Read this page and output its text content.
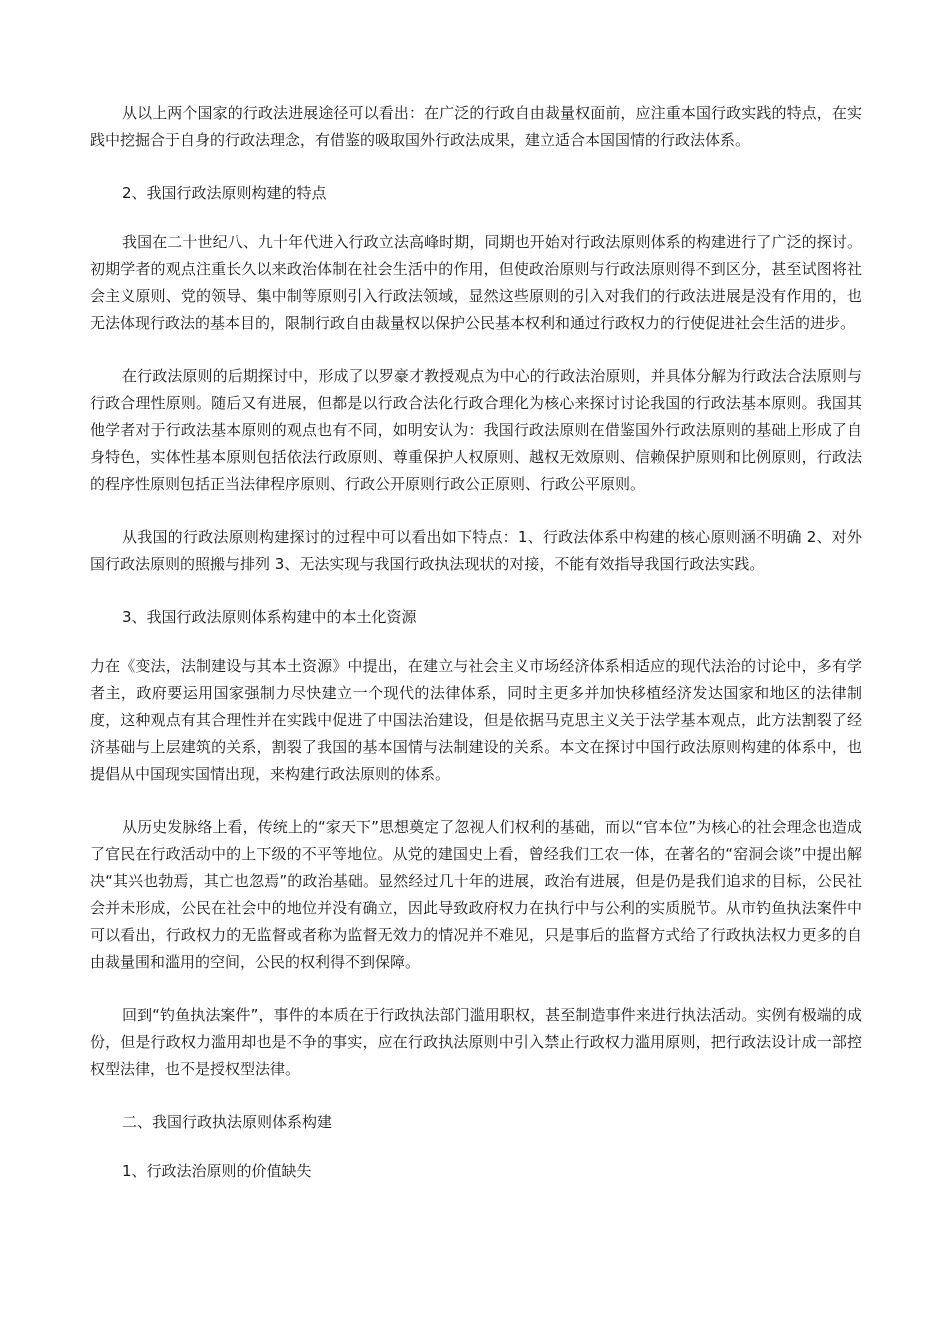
从以上两个国家的行政法进展途径可以看出：在广泛的行政自由裁量权面前，应注重本国行政实践的特点，在实践中挖掘合于自身的行政法理念，有借鉴的吸取国外行政法成果，建立适合本国国情的行政法体系。

2、我国行政法原则构建的特点

我国在二十世纪八、九十年代进入行政立法高峰时期，同期也开始对行政法原则体系的构建进行了广泛的探讨。初期学者的观点注重长久以来政治体制在社会生活中的作用，但使政治原则与行政法原则得不到区分，甚至试图将社会主义原则、党的领导、集中制等原则引入行政法领域，显然这些原则的引入对我们的行政法进展是没有作用的，也无法体现行政法的基本目的，限制行政自由裁量权以保护公民基本权利和通过行政权力的行使促进社会生活的进步。

在行政法原则的后期探讨中，形成了以罗豪才教授观点为中心的行政法治原则，并具体分解为行政法合法原则与行政合理性原则。随后又有进展，但都是以行政合法化行政合理化为核心来探讨讨论我国的行政法基本原则。我国其他学者对于行政法基本原则的观点也有不同，如明安认为：我国行政法原则在借鉴国外行政法原则的基础上形成了自身特色，实体性基本原则包括依法行政原则、尊重保护人权原则、越权无效原则、信赖保护原则和比例原则，行政法的程序性原则包括正当法律程序原则、行政公开原则行政公正原则、行政公平原则。

从我国的行政法原则构建探讨的过程中可以看出如下特点：1、行政法体系中构建的核心原则涵不明确 2、对外国行政法原则的照搬与排列 3、无法实现与我国行政执法现状的对接，不能有效指导我国行政法实践。

3、我国行政法原则体系构建中的本土化资源

力在《变法，法制建设与其本土资源》中提出，在建立与社会主义市场经济体系相适应的现代法治的讨论中，多有学者主，政府要运用国家强制力尽快建立一个现代的法律体系，同时主更多并加快移植经济发达国家和地区的法律制度，这种观点有其合理性并在实践中促进了中国法治建设，但是依据马克思主义关于法学基本观点，此方法割裂了经济基础与上层建筑的关系，割裂了我国的基本国情与法制建设的关系。本文在探讨中国行政法原则构建的体系中，也提倡从中国现实国情出现，来构建行政法原则的体系。

从历史发脉络上看，传统上的“家天下”思想奠定了忽视人们权利的基础，而以“官本位”为核心的社会理念也造成了官民在行政活动中的上下级的不平等地位。从党的建国史上看，曾经我们工农一体，在著名的“窑洞会谈”中提出解决“其兴也勃焉，其亡也忽焉”的政治基础。显然经过几十年的进展，政治有进展，但是仍是我们追求的目标，公民社会并未形成，公民在社会中的地位并没有确立，因此导致政府权力在执行中与公利的实质脱节。从市钓鱼执法案件中可以看出，行政权力的无监督或者称为监督无效力的情况并不难见，只是事后的监督方式给了行政执法权力更多的自由裁量围和滥用的空间，公民的权利得不到保障。

回到“钓鱼执法案件”，事件的本质在于行政执法部门滥用职权，甚至制造事件来进行执法活动。实例有极端的成份，但是行政权力滥用却也是不争的事实，应在行政执法原则中引入禁止行政权力滥用原则，把行政法设计成一部控权型法律，也不是授权型法律。

二、我国行政执法原则体系构建

1、行政法治原则的价值缺失
